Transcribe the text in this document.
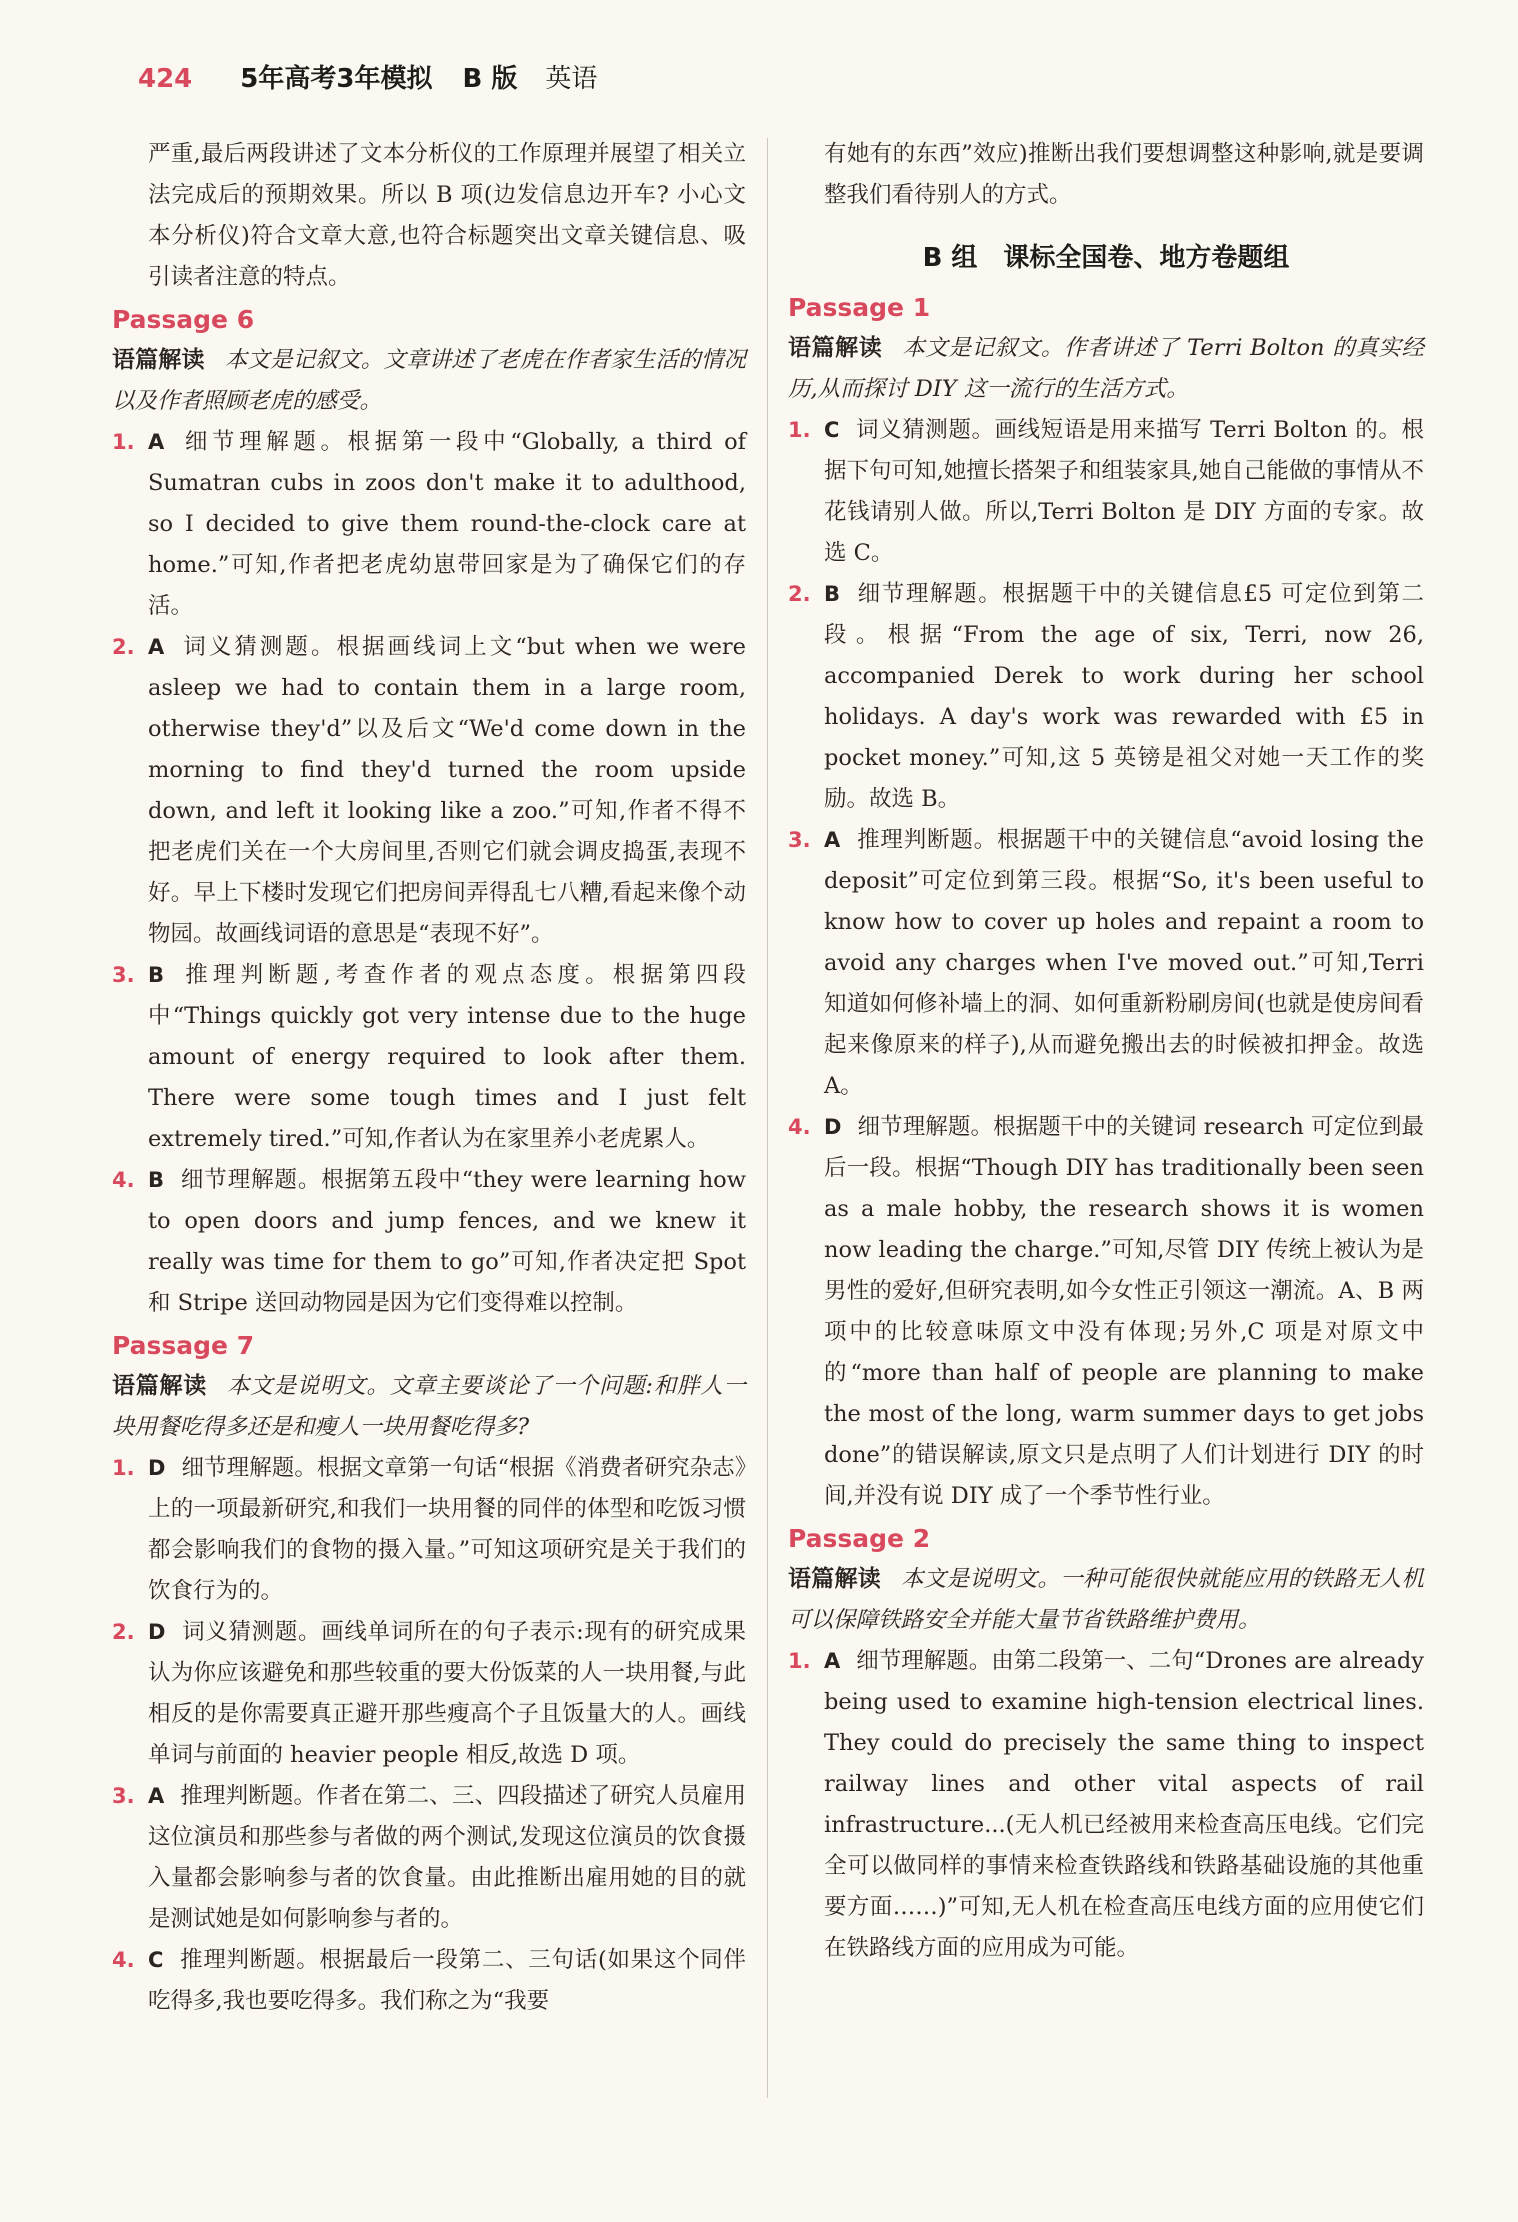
424 5年高考3年模拟 B 版 英语

严重,最后两段讲述了文本分析仪的工作原理并展望了相关立法完成后的预期效果。所以 B 项(边发信息边开车? 小心文本分析仪)符合文章大意,也符合标题突出文章关键信息、吸引读者注意的特点。

Passage 6

语篇解读 本文是记叙文。文章讲述了老虎在作者家生活的情况以及作者照顾老虎的感受。

1. A 细节理解题。根据第一段中“Globally, a third of Sumatran cubs in zoos don't make it to adulthood, so I decided to give them round-the-clock care at home.”可知,作者把老虎幼崽带回家是为了确保它们的存活。
2. A 词义猜测题。根据画线词上文“but when we were asleep we had to contain them in a large room, otherwise they'd”以及后文“We'd come down in the morning to find they'd turned the room upside down, and left it looking like a zoo.”可知,作者不得不把老虎们关在一个大房间里,否则它们就会调皮捣蛋,表现不好。早上下楼时发现它们把房间弄得乱七八糟,看起来像个动物园。故画线词语的意思是“表现不好”。
3. B 推理判断题,考查作者的观点态度。根据第四段中“Things quickly got very intense due to the huge amount of energy required to look after them. There were some tough times and I just felt extremely tired.”可知,作者认为在家里养小老虎累人。
4. B 细节理解题。根据第五段中“they were learning how to open doors and jump fences, and we knew it really was time for them to go”可知,作者决定把 Spot 和 Stripe 送回动物园是因为它们变得难以控制。
Passage 7

语篇解读 本文是说明文。文章主要谈论了一个问题:和胖人一块用餐吃得多还是和瘦人一块用餐吃得多?

1. D 细节理解题。根据文章第一句话“根据《消费者研究杂志》上的一项最新研究,和我们一块用餐的同伴的体型和吃饭习惯都会影响我们的食物的摄入量。”可知这项研究是关于我们的饮食行为的。
2. D 词义猜测题。画线单词所在的句子表示:现有的研究成果认为你应该避免和那些较重的要大份饭菜的人一块用餐,与此相反的是你需要真正避开那些瘦高个子且饭量大的人。画线单词与前面的 heavier people 相反,故选 D 项。
3. A 推理判断题。作者在第二、三、四段描述了研究人员雇用这位演员和那些参与者做的两个测试,发现这位演员的饮食摄入量都会影响参与者的饮食量。由此推断出雇用她的目的就是测试她是如何影响参与者的。
4. C 推理判断题。根据最后一段第二、三句话(如果这个同伴吃得多,我也要吃得多。我们称之为“我要

有她有的东西”效应)推断出我们要想调整这种影响,就是要调整我们看待别人的方式。

B 组　课标全国卷、地方卷题组
Passage 1

语篇解读 本文是记叙文。作者讲述了 Terri Bolton 的真实经历,从而探讨 DIY 这一流行的生活方式。

1. C 词义猜测题。画线短语是用来描写 Terri Bolton 的。根据下句可知,她擅长搭架子和组装家具,她自己能做的事情从不花钱请别人做。所以,Terri Bolton 是 DIY 方面的专家。故选 C。
2. B 细节理解题。根据题干中的关键信息£5 可定位到第二段。根据“From the age of six, Terri, now 26, accompanied Derek to work during her school holidays. A day's work was rewarded with £5 in pocket money.”可知,这 5 英镑是祖父对她一天工作的奖励。故选 B。
3. A 推理判断题。根据题干中的关键信息“avoid losing the deposit”可定位到第三段。根据“So, it's been useful to know how to cover up holes and repaint a room to avoid any charges when I've moved out.”可知,Terri 知道如何修补墙上的洞、如何重新粉刷房间(也就是使房间看起来像原来的样子),从而避免搬出去的时候被扣押金。故选 A。
4. D 细节理解题。根据题干中的关键词 research 可定位到最后一段。根据“Though DIY has traditionally been seen as a male hobby, the research shows it is women now leading the charge.”可知,尽管 DIY 传统上被认为是男性的爱好,但研究表明,如今女性正引领这一潮流。A、B 两项中的比较意味原文中没有体现;另外,C 项是对原文中的“more than half of people are planning to make the most of the long, warm summer days to get jobs done”的错误解读,原文只是点明了人们计划进行 DIY 的时间,并没有说 DIY 成了一个季节性行业。
Passage 2

语篇解读 本文是说明文。一种可能很快就能应用的铁路无人机可以保障铁路安全并能大量节省铁路维护费用。

1. A 细节理解题。由第二段第一、二句“Drones are already being used to examine high-tension electrical lines. They could do precisely the same thing to inspect railway lines and other vital aspects of rail infrastructure...(无人机已经被用来检查高压电线。它们完全可以做同样的事情来检查铁路线和铁路基础设施的其他重要方面……)”可知,无人机在检查高压电线方面的应用使它们在铁路线方面的应用成为可能。
